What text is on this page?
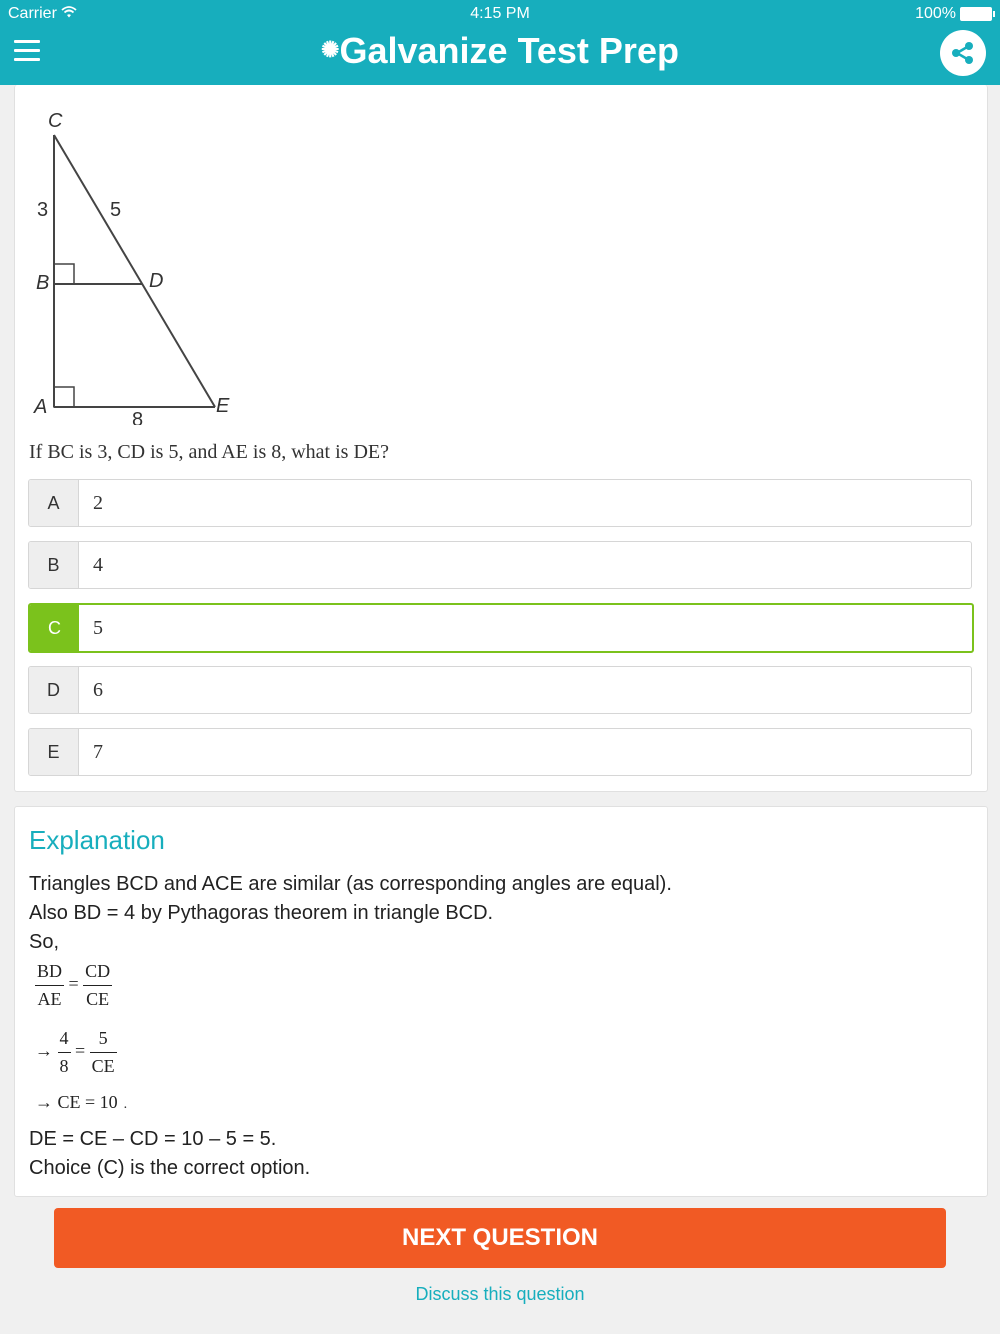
Carrier	4:15 PM	100%
✺Galvanize Test Prep
C
B	D
A	E
3	5
8
If BC is 3, CD is 5, and AE is 8, what is DE?
A	2
B	4
C	5
D	6
E	7
Explanation
Triangles BCD and ACE are similar (as corresponding angles are equal).
Also BD = 4 by Pythagoras theorem in triangle BCD.
So,
$\frac{BD}{AE} = \frac{CD}{CE}$
→ $\frac{4}{8} = \frac{5}{CE}$
→ CE = 10 .
DE = CE – CD = 10 – 5 = 5.
Choice (C) is the correct option.
NEXT QUESTION
Discuss this question
